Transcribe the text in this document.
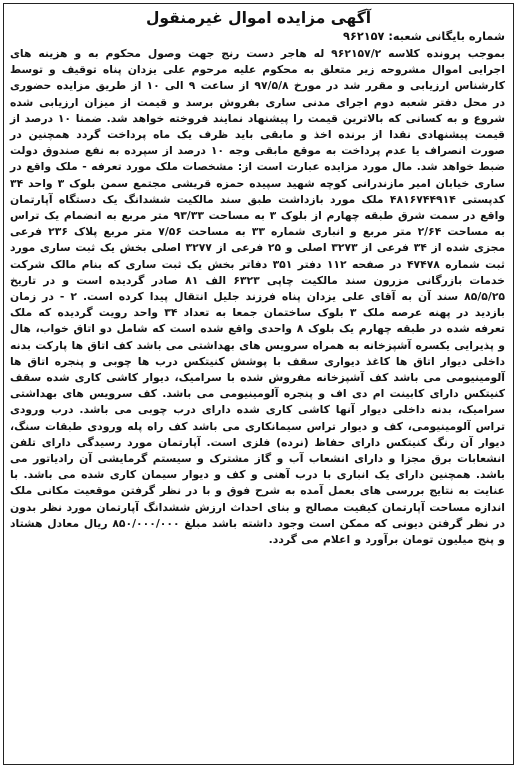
آگهی مزایده اموال غیرمنقول
شماره بایگانی شعبه: ۹۶۲۱۵۷

بموجب پرونده کلاسه ۹۶۲۱۵۷/۲ له هاجر دست رنج جهت وصول محکوم به و هزینه های اجرایی اموال مشروحه زیر متعلق به محکوم علیه مرحوم علی یزدان پناه توقیف و توسط کارشناس ارزیابی و مقرر شد در مورخ ۹۷/۵/۸ از ساعت ۹ الی ۱۰ از طریق مزایده حضوری در محل دفتر شعبه دوم اجرای مدنی ساری بفروش برسد و قیمت از میزان ارزیابی شده شروع و به کسانی که بالاترین قیمت را پیشنهاد نمایند فروخته خواهد شد. ضمنا ۱۰ درصد از قیمت پیشنهادی نقدا از برنده اخذ و مابقی باید ظرف یک ماه پرداخت گردد همچنین در صورت انصراف یا عدم پرداخت به موقع مابقی وجه ۱۰ درصد از سپرده به نفع صندوق دولت ضبط خواهد شد. مال مورد مزایده عبارت است از: مشخصات ملک مورد تعرفه - ملک واقع در ساری خیابان امیر مازندرانی کوچه شهید سپیده حمزه قریشی مجتمع سمن بلوک ۳ واحد ۳۴ کدپستی ۴۸۱۶۷۴۴۹۱۴ ملک مورد بازداشت طبق سند مالکیت ششدانگ یک دستگاه آپارتمان واقع در سمت شرق طبقه چهارم از بلوک ۳ به مساحت ۹۳/۳۳ متر مربع به انضمام یک تراس به مساحت ۲/۶۴ متر مربع و انباری شماره ۳۳ به مساحت ۷/۵۶ متر مربع پلاک ۲۳۶ فرعی مجزی شده از ۳۴ فرعی از ۳۲۷۳ اصلی و ۲۵ فرعی از ۳۲۷۷ اصلی بخش یک ثبت ساری مورد ثبت شماره ۴۷۴۷۸ در صفحه ۱۱۲ دفتر ۳۵۱ دفاتر بخش یک ثبت ساری که بنام مالک شرکت خدمات بازرگانی مزرون سند مالکیت چاپی ۶۳۲۳ الف ۸۱ صادر گردیده است و در تاریخ ۸۵/۵/۲۵ سند آن به آقای علی یزدان پناه فرزند جلیل انتقال پیدا کرده است. ۲ - در زمان بازدید در پهنه عرصه ملک ۳ بلوک ساختمان جمعا به تعداد ۳۴ واحد رویت گردیده که ملک تعرفه شده در طبقه چهارم یک بلوک ۸ واحدی واقع شده است که شامل دو اتاق خواب، هال و پذیرایی یکسره آشپزخانه به همراه سرویس های بهداشتی می باشد کف اتاق ها پارکت بدنه داخلی دیوار اتاق ها کاغذ دیواری سقف با پوشش کنیتکس درب ها چوبی و پنجره اتاق ها آلومینیومی می باشد کف آشپزخانه مفروش شده با سرامیک، دیوار کاشی کاری شده سقف کنیتکس دارای کابینت ام دی اف و پنجره آلومینیومی می باشد. کف سرویس های بهداشتی سرامیک، بدنه داخلی دیوار آنها کاشی کاری شده دارای درب چوبی می باشد. درب ورودی تراس آلومینیومی، کف و دیوار تراس سیمانکاری می باشد کف راه پله ورودی طبقات سنگ، دیوار آن رنگ کنیتکس دارای حفاظ (نرده) فلزی است. آپارتمان مورد رسیدگی دارای تلفن انشعابات برق مجزا و دارای انشعاب آب و گاز مشترک و سیستم گرمایشی آن رادیاتور می باشد. همچنین دارای یک انباری با درب آهنی و کف و دیوار سیمان کاری شده می باشد. با عنایت به نتایج بررسی های بعمل آمده به شرح فوق و با در نظر گرفتن موقعیت مکانی ملک اندازه مساحت آپارتمان کیفیت مصالح و بنای احداث ارزش ششدانگ آپارتمان مورد نظر بدون در نظر گرفتن دیونی که ممکن است وجود داشته باشد مبلغ ۸۵۰/۰۰۰/۰۰۰ ریال معادل هشتاد و پنج میلیون تومان برآورد و اعلام می گردد.
